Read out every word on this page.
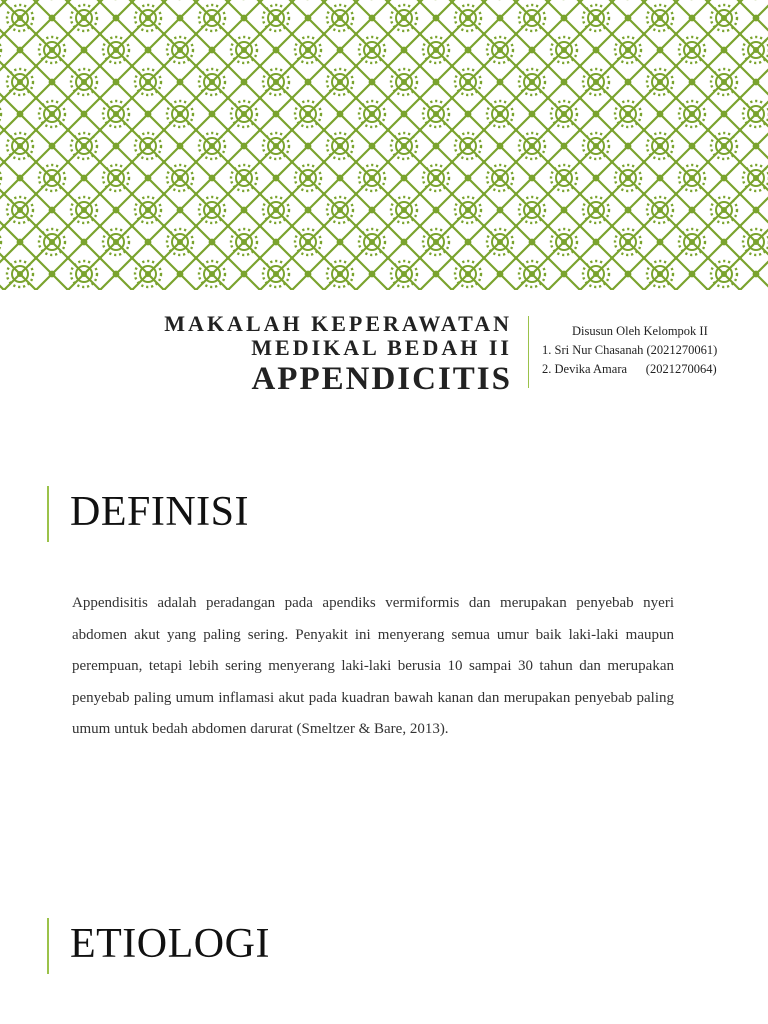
MAKALAH KEPERAWATAN
MEDIKAL BEDAH II
APPENDICITIS
Disusun Oleh Kelompok II
1. Sri Nur Chasanah (2021270061)
2. Devika Amara      (2021270064)
DEFINISI
Appendisitis adalah peradangan pada apendiks vermiformis dan merupakan penyebab nyeri abdomen akut yang paling sering. Penyakit ini menyerang semua umur baik laki-laki maupun perempuan, tetapi lebih sering menyerang laki-laki berusia 10 sampai 30 tahun dan merupakan penyebab paling umum inflamasi akut pada kuadran bawah kanan dan merupakan penyebab paling umum untuk bedah abdomen darurat (Smeltzer & Bare, 2013).
ETIOLOGI
